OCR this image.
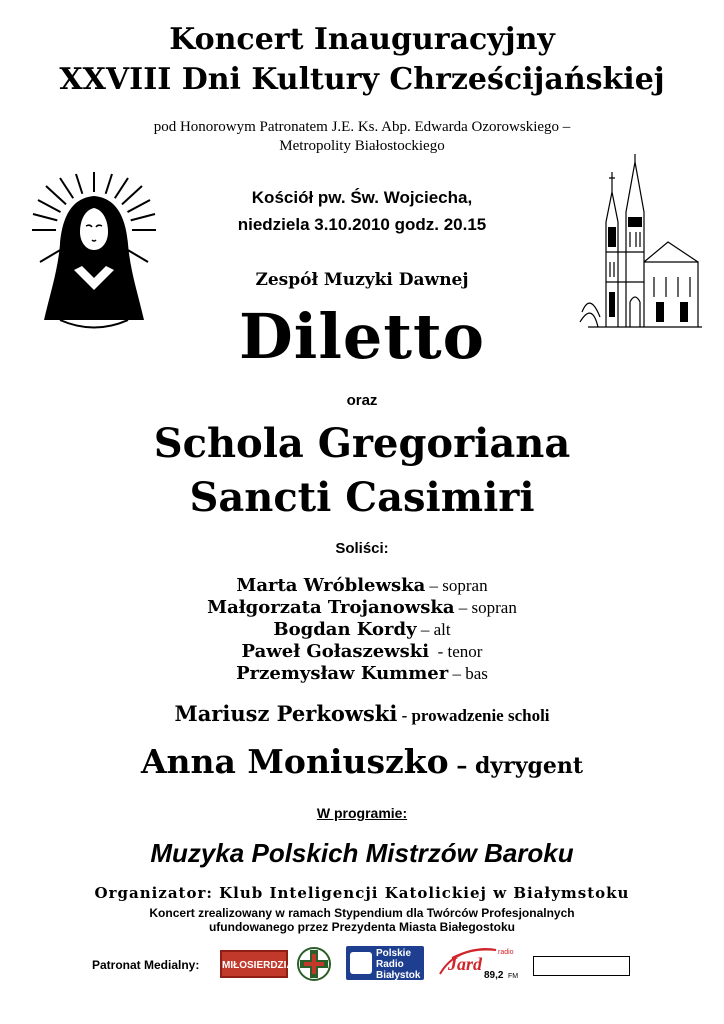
Koncert Inauguracyjny
XXVIII Dni Kultury Chrześcijańskiej
pod Honorowym Patronatem J.E. Ks. Abp. Edwarda Ozorowskiego –
Metropolity Białostockiego
Kościół pw. Św. Wojciecha,
niedziela 3.10.2010 godz. 20.15
Zespół Muzyki Dawnej
Diletto
oraz
Schola Gregoriana
Sancti Casimiri
Soliści:
Marta Wróblewska – sopran
Małgorzata Trojanowska – sopran
Bogdan Kordy – alt
Paweł Gołaszewski  - tenor
Przemysław Kummer – bas
Mariusz Perkowski - prowadzenie scholi
Anna Moniuszko – dyrygent
W programie:
Muzyka Polskich Mistrzów Baroku
Organizator: Klub Inteligencji Katolickiej w Białymstoku
Koncert zrealizowany w ramach Stypendium dla Twórców Profesjonalnych
ufundowanego przez Prezydenta Miasta Białegostoku
Patronat Medialny: MIŁOSIERDZIA
Polskie
Radio
Białystok
radio
Jard
89,2 FM
